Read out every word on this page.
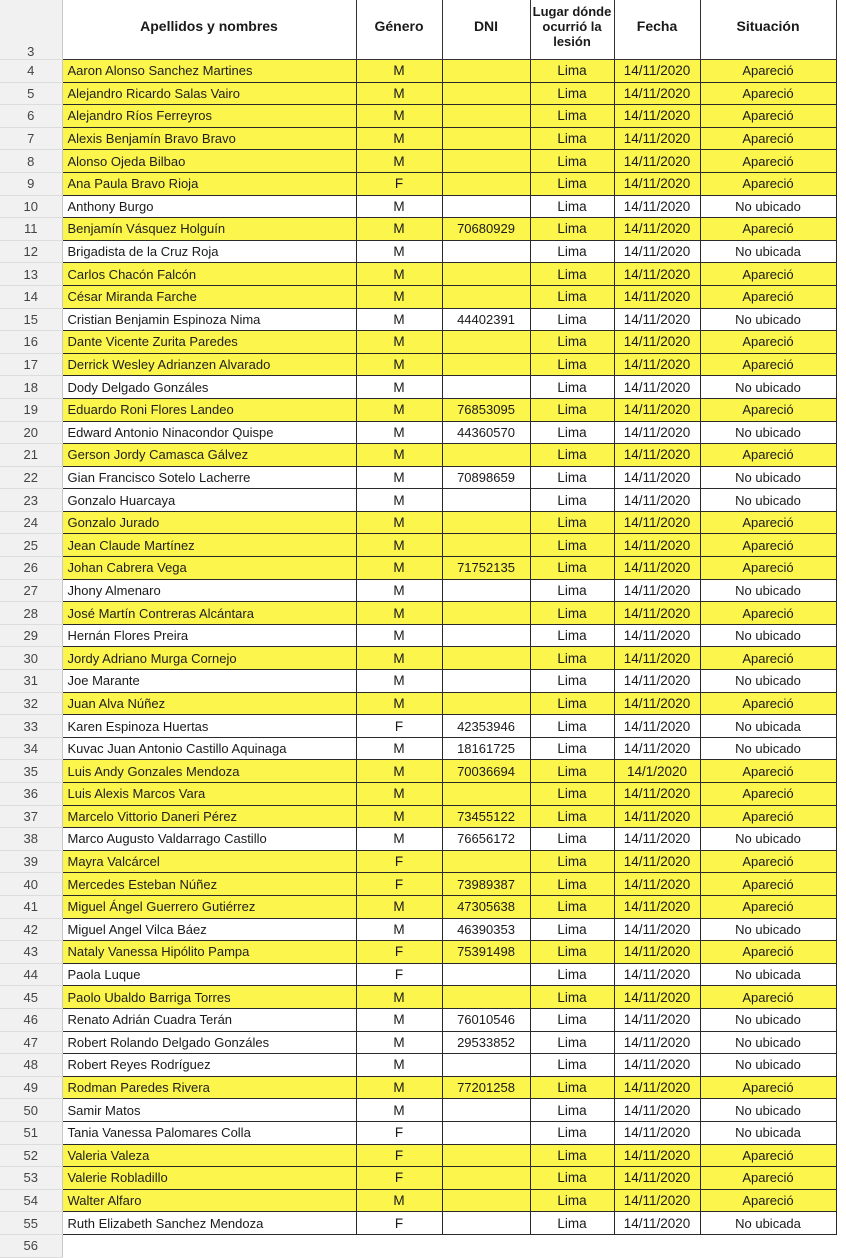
3	Apellidos y nombres	Género	DNI	Lugar dónde ocurrió la lesión	Fecha	Situación	
4	Aaron Alonso Sanchez Martines	M		Lima	14/11/2020	Apareció	
5	Alejandro Ricardo Salas Vairo	M		Lima	14/11/2020	Apareció	
6	Alejandro Ríos Ferreyros	M		Lima	14/11/2020	Apareció	
7	Alexis Benjamín Bravo Bravo	M		Lima	14/11/2020	Apareció	
8	Alonso Ojeda Bilbao	M		Lima	14/11/2020	Apareció	
9	Ana Paula Bravo Rioja	F		Lima	14/11/2020	Apareció	
10	Anthony Burgo	M		Lima	14/11/2020	No ubicado	
11	Benjamín Vásquez Holguín	M	70680929	Lima	14/11/2020	Apareció	
12	Brigadista de la Cruz Roja	M		Lima	14/11/2020	No ubicada	
13	Carlos Chacón Falcón	M		Lima	14/11/2020	Apareció	
14	César Miranda Farche	M		Lima	14/11/2020	Apareció	
15	Cristian Benjamin Espinoza Nima	M	44402391	Lima	14/11/2020	No ubicado	
16	Dante Vicente Zurita Paredes	M		Lima	14/11/2020	Apareció	
17	Derrick Wesley Adrianzen Alvarado	M		Lima	14/11/2020	Apareció	
18	Dody Delgado Gonzáles	M		Lima	14/11/2020	No ubicado	
19	Eduardo Roni Flores Landeo	M	76853095	Lima	14/11/2020	Apareció	
20	Edward Antonio Ninacondor Quispe	M	44360570	Lima	14/11/2020	No ubicado	
21	Gerson Jordy Camasca Gálvez	M		Lima	14/11/2020	Apareció	
22	Gian Francisco Sotelo Lacherre	M	70898659	Lima	14/11/2020	No ubicado	
23	Gonzalo Huarcaya	M		Lima	14/11/2020	No ubicado	
24	Gonzalo Jurado	M		Lima	14/11/2020	Apareció	
25	Jean Claude Martínez	M		Lima	14/11/2020	Apareció	
26	Johan Cabrera Vega	M	71752135	Lima	14/11/2020	Apareció	
27	Jhony Almenaro	M		Lima	14/11/2020	No ubicado	
28	José Martín Contreras Alcántara	M		Lima	14/11/2020	Apareció	
29	Hernán Flores Preira	M		Lima	14/11/2020	No ubicado	
30	Jordy Adriano Murga Cornejo	M		Lima	14/11/2020	Apareció	
31	Joe Marante	M		Lima	14/11/2020	No ubicado	
32	Juan Alva Núñez	M		Lima	14/11/2020	Apareció	
33	Karen Espinoza Huertas	F	42353946	Lima	14/11/2020	No ubicada	
34	Kuvac Juan Antonio Castillo Aquinaga	M	18161725	Lima	14/11/2020	No ubicado	
35	Luis Andy Gonzales Mendoza	M	70036694	Lima	14/1/2020	Apareció	
36	Luis Alexis Marcos Vara	M		Lima	14/11/2020	Apareció	
37	Marcelo Vittorio Daneri Pérez	M	73455122	Lima	14/11/2020	Apareció	
38	Marco Augusto Valdarrago Castillo	M	76656172	Lima	14/11/2020	No ubicado	
39	Mayra Valcárcel	F		Lima	14/11/2020	Apareció	
40	Mercedes Esteban Núñez	F	73989387	Lima	14/11/2020	Apareció	
41	Miguel Ángel Guerrero Gutiérrez	M	47305638	Lima	14/11/2020	Apareció	
42	Miguel Angel Vilca Báez	M	46390353	Lima	14/11/2020	No ubicado	
43	Nataly Vanessa Hipólito Pampa	F	75391498	Lima	14/11/2020	Apareció	
44	Paola Luque	F		Lima	14/11/2020	No ubicada	
45	Paolo Ubaldo Barriga Torres	M		Lima	14/11/2020	Apareció	
46	Renato Adrián Cuadra Terán	M	76010546	Lima	14/11/2020	No ubicado	
47	Robert Rolando Delgado Gonzáles	M	29533852	Lima	14/11/2020	No ubicado	
48	Robert Reyes Rodríguez	M		Lima	14/11/2020	No ubicado	
49	Rodman Paredes Rivera	M	77201258	Lima	14/11/2020	Apareció	
50	Samir Matos	M		Lima	14/11/2020	No ubicado	
51	Tania Vanessa Palomares Colla	F		Lima	14/11/2020	No ubicada	
52	Valeria Valeza	F		Lima	14/11/2020	Apareció	
53	Valerie Robladillo	F		Lima	14/11/2020	Apareció	
54	Walter Alfaro	M		Lima	14/11/2020	Apareció	
55	Ruth Elizabeth Sanchez Mendoza	F		Lima	14/11/2020	No ubicada	
56							
